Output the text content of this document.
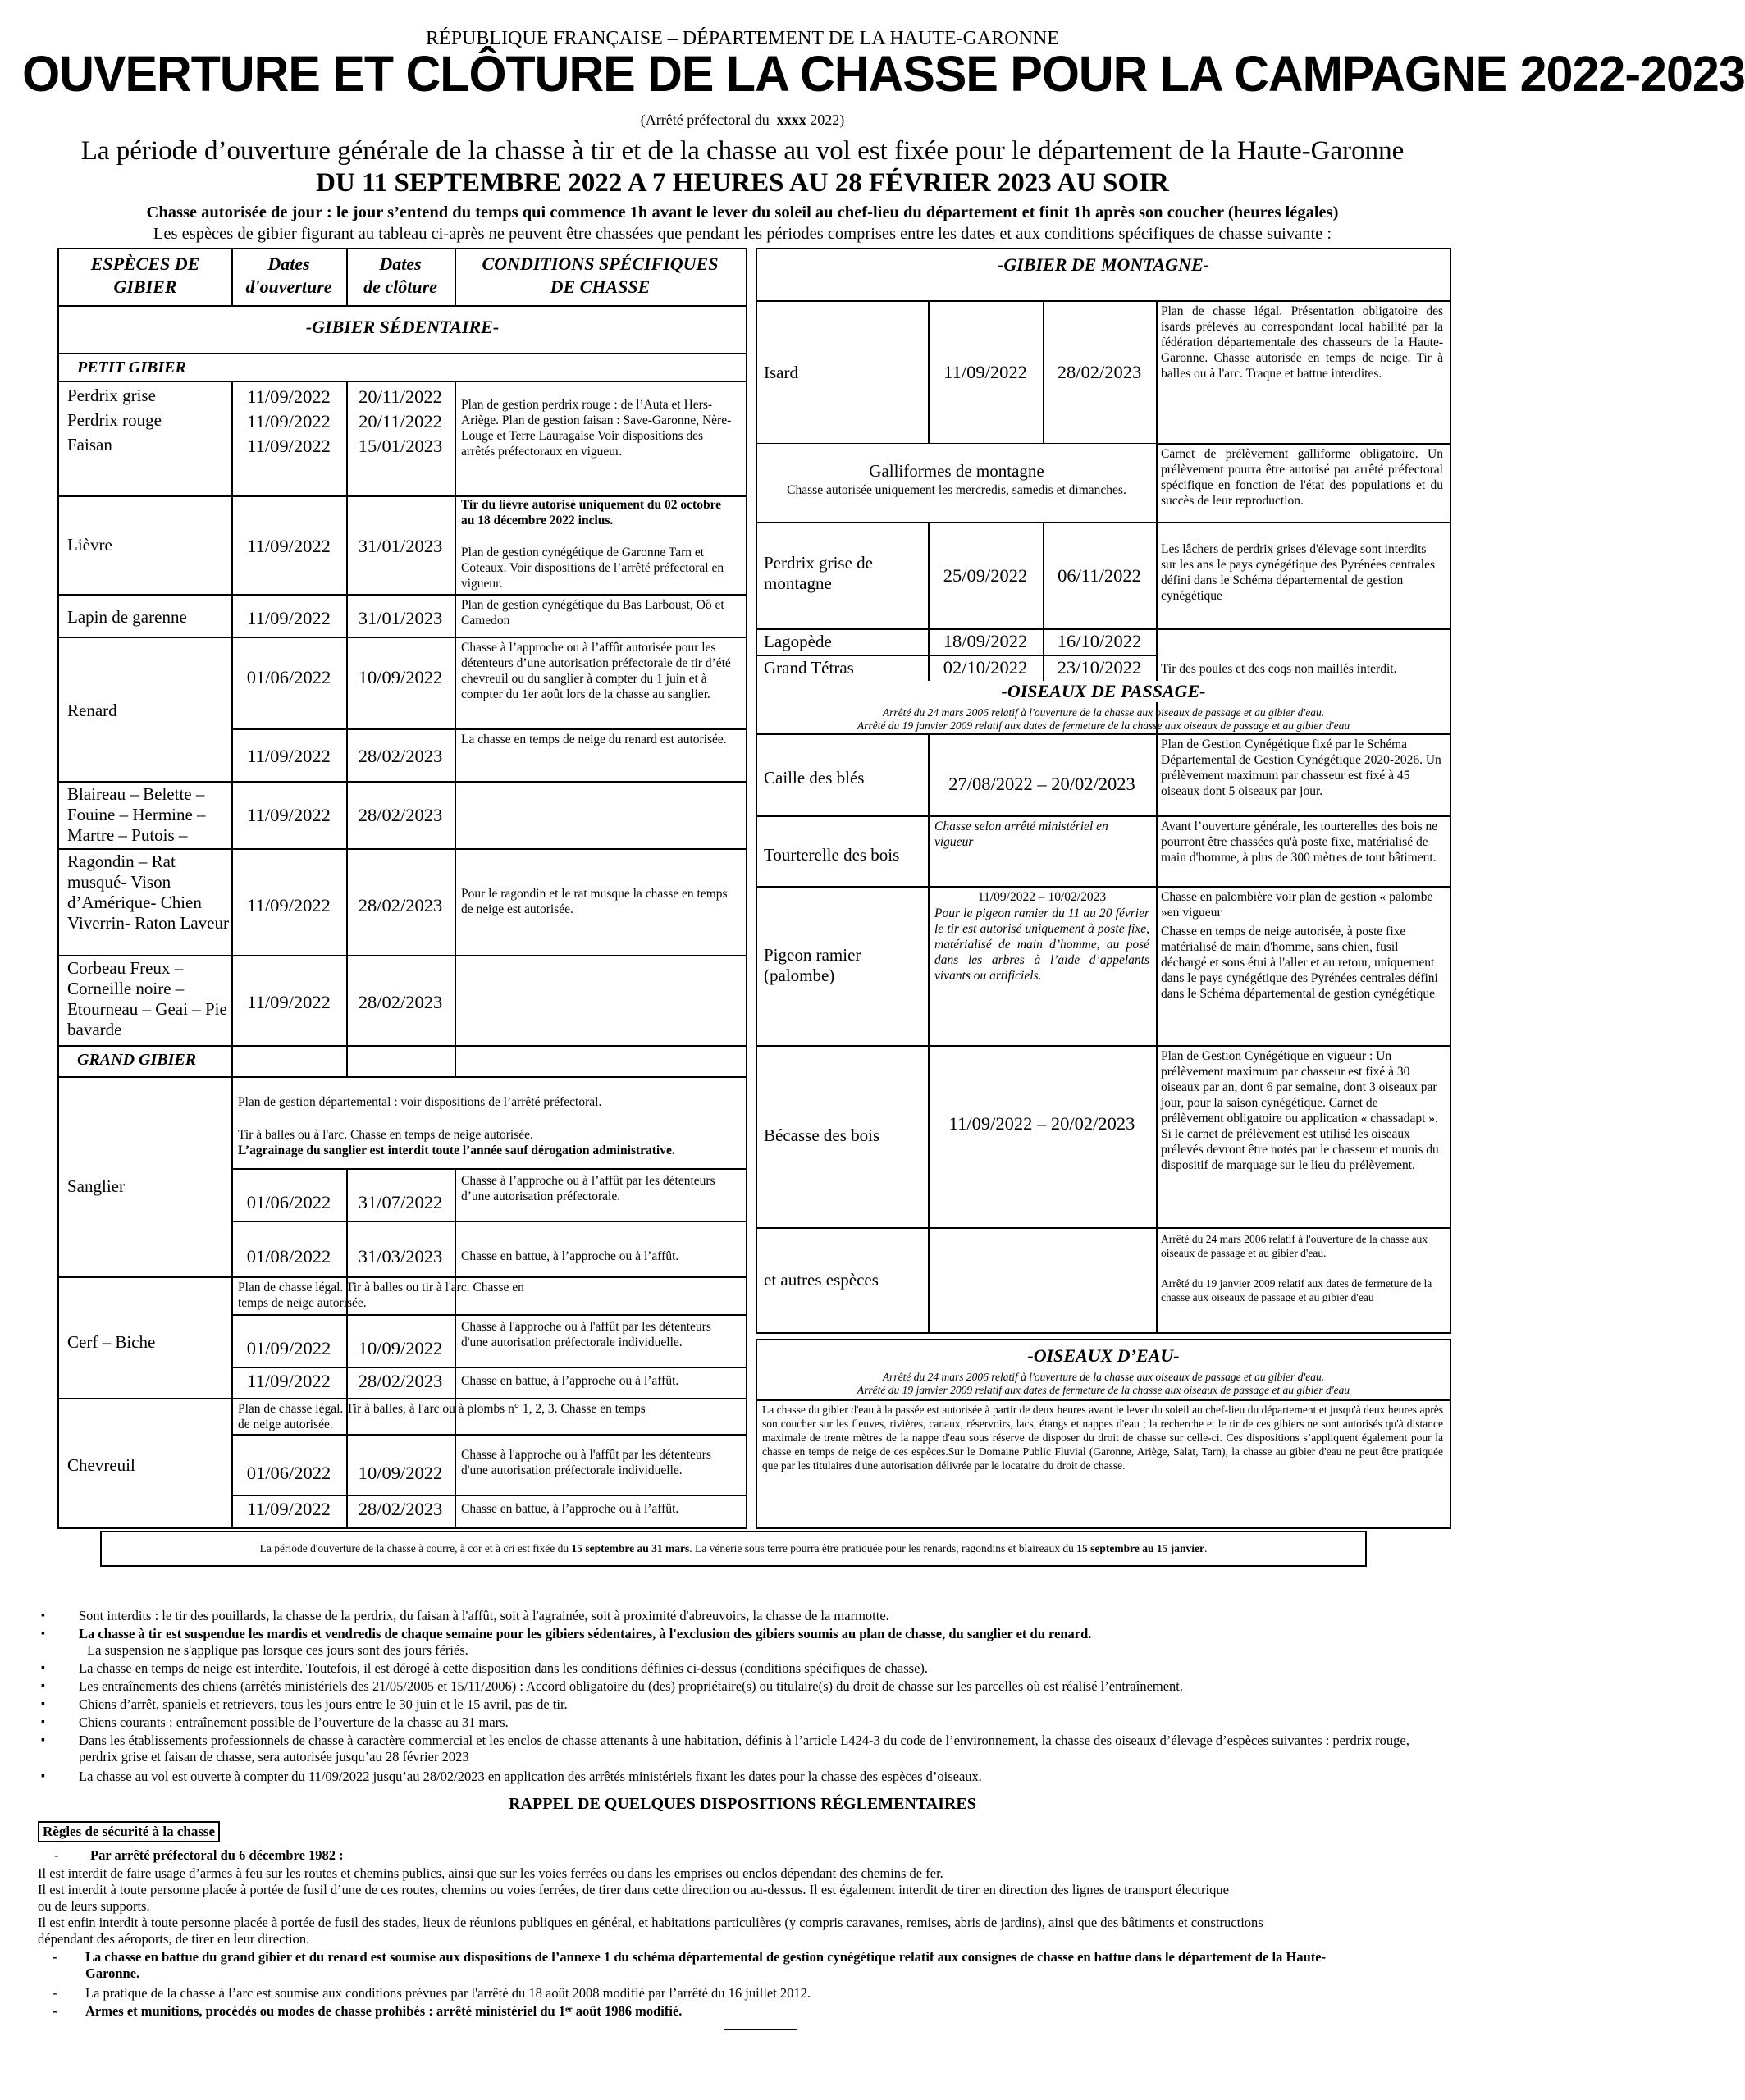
RÉPUBLIQUE FRANÇAISE – DÉPARTEMENT DE LA HAUTE-GARONNE
OUVERTURE ET CLÔTURE DE LA CHASSE POUR LA CAMPAGNE 2022-2023
(Arrêté préfectoral du xxxx 2022)
La période d’ouverture générale de la chasse à tir et de la chasse au vol est fixée pour le département de la Haute-Garonne
DU 11 SEPTEMBRE 2022 A 7 HEURES AU 28 FÉVRIER 2023 AU SOIR
Chasse autorisée de jour : le jour s’entend du temps qui commence 1h avant le lever du soleil au chef-lieu du département et finit 1h après son coucher (heures légales)
Les espèces de gibier figurant au tableau ci-après ne peuvent être chassées que pendant les périodes comprises entre les dates et aux conditions spécifiques de chasse suivante :
ESPÈCES DE
GIBIER
Dates
d'ouverture
Dates
de clôture
CONDITIONS SPÉCIFIQUES
DE CHASSE
-GIBIER SÉDENTAIRE-
PETIT GIBIER
Perdrix grise
Perdrix rouge
Faisan
11/09/2022	20/11/2022
11/09/2022	20/11/2022
11/09/2022	15/01/2023
Plan de gestion perdrix rouge : de l’Auta et Hers-Ariège. Plan de gestion faisan : Save-Garonne, Nère-Louge et Terre Lauragaise Voir dispositions des arrêtés préfectoraux en vigueur.
Lièvre	11/09/2022	31/01/2023
Tir du lièvre autorisé uniquement du 02 octobre au 18 décembre 2022 inclus.
Plan de gestion cynégétique de Garonne Tarn et Coteaux. Voir dispositions de l’arrêté préfectoral en vigueur.
Lapin de garenne	11/09/2022	31/01/2023
Plan de gestion cynégétique du Bas Larboust, Oô et Camedon
Renard
01/06/2022	10/09/2022
Chasse à l’approche ou à l’affût autorisée pour les détenteurs d’une autorisation préfectorale de tir d’été chevreuil ou du sanglier à compter du 1 juin et à compter du 1er août lors de la chasse au sanglier.
11/09/2022	28/02/2023
La chasse en temps de neige du renard est autorisée.
Blaireau – Belette – Fouine – Hermine – Martre – Putois –
11/09/2022	28/02/2023
Ragondin – Rat musqué- Vison d’Amérique- Chien Viverrin- Raton Laveur
11/09/2022	28/02/2023
Pour le ragondin et le rat musque la chasse en temps de neige est autorisée.
Corbeau Freux – Corneille noire – Etourneau – Geai – Pie bavarde
11/09/2022	28/02/2023
GRAND GIBIER
Sanglier
Plan de gestion départemental : voir dispositions de l’arrêté préfectoral.
Tir à balles ou à l'arc. Chasse en temps de neige autorisée.
L’agrainage du sanglier est interdit toute l’année sauf dérogation administrative.
01/06/2022	31/07/2022
Chasse à l’approche ou à l’affût par les détenteurs d’une autorisation préfectorale.
01/08/2022	31/03/2023	Chasse en battue, à l’approche ou à l’affût.
Cerf – Biche
Plan de chasse légal. Tir à balles ou tir à l'arc. Chasse en temps de neige autorisée.
01/09/2022	10/09/2022
Chasse à l'approche ou à l'affût par les détenteurs d'une autorisation préfectorale individuelle.
11/09/2022	28/02/2023	Chasse en battue, à l’approche ou à l’affût.
Chevreuil
Plan de chasse légal. Tir à balles, à l'arc ou à plombs n° 1, 2, 3. Chasse en temps de neige autorisée.
01/06/2022	10/09/2022
Chasse à l'approche ou à l'affût par les détenteurs d'une autorisation préfectorale individuelle.
11/09/2022	28/02/2023	Chasse en battue, à l’approche ou à l’affût.
-GIBIER DE MONTAGNE-
Isard	11/09/2022	28/02/2023
Plan de chasse légal. Présentation obligatoire des isards prélevés au correspondant local habilité par la fédération départementale des chasseurs de la Haute-Garonne. Chasse autorisée en temps de neige. Tir à balles ou à l'arc. Traque et battue interdites.
Galliformes de montagne
Chasse autorisée uniquement les mercredis, samedis et dimanches.
Carnet de prélèvement galliforme obligatoire. Un prélèvement pourra être autorisé par arrêté préfectoral spécifique en fonction de l'état des populations et du succès de leur reproduction.
Perdrix grise de montagne	25/09/2022	06/11/2022
Les lâchers de perdrix grises d'élevage sont interdits sur les ans le pays cynégétique des Pyrénées centrales défini dans le Schéma départemental de gestion cynégétique
Lagopède	18/09/2022	16/10/2022
Grand Tétras	02/10/2022	23/10/2022	Tir des poules et des coqs non maillés interdit.
-OISEAUX DE PASSAGE-
Arrêté du 24 mars 2006 relatif à l'ouverture de la chasse aux oiseaux de passage et au gibier d'eau.
Arrêté du 19 janvier 2009 relatif aux dates de fermeture de la chasse aux oiseaux de passage et au gibier d'eau
Caille des blés	27/08/2022 – 20/02/2023
Plan de Gestion Cynégétique fixé par le Schéma Départemental de Gestion Cynégétique 2020-2026. Un prélèvement maximum par chasseur est fixé à 45 oiseaux dont 5 oiseaux par jour.
Tourterelle des bois
Chasse selon arrêté ministériel en vigueur
Avant l’ouverture générale, les tourterelles des bois ne pourront être chassées qu'à poste fixe, matérialisé de main d'homme, à plus de 300 mètres de tout bâtiment.
Pigeon ramier (palombe)
11/09/2022 – 10/02/2023
Pour le pigeon ramier du 11 au 20 février le tir est autorisé uniquement à poste fixe, matérialisé de main d’homme, au posé dans les arbres à l’aide d’appelants vivants ou artificiels.
Chasse en palombière voir plan de gestion « palombe »en vigueur
Chasse en temps de neige autorisée, à poste fixe matérialisé de main d'homme, sans chien, fusil déchargé et sous étui à l'aller et au retour, uniquement dans le pays cynégétique des Pyrénées centrales défini dans le Schéma départemental de gestion cynégétique
Bécasse des bois
11/09/2022 – 20/02/2023
Plan de Gestion Cynégétique en vigueur : Un prélèvement maximum par chasseur est fixé à 30 oiseaux par an, dont 6 par semaine, dont 3 oiseaux par jour, pour la saison cynégétique. Carnet de prélèvement obligatoire ou application « chassadapt ». Si le carnet de prélèvement est utilisé les oiseaux prélevés devront être notés par le chasseur et munis du dispositif de marquage sur le lieu du prélèvement.
et autres espèces
Arrêté du 24 mars 2006 relatif à l'ouverture de la chasse aux oiseaux de passage et au gibier d'eau.
Arrêté du 19 janvier 2009 relatif aux dates de fermeture de la chasse aux oiseaux de passage et au gibier d'eau
-OISEAUX D’EAU-
Arrêté du 24 mars 2006 relatif à l'ouverture de la chasse aux oiseaux de passage et au gibier d'eau.
Arrêté du 19 janvier 2009 relatif aux dates de fermeture de la chasse aux oiseaux de passage et au gibier d'eau
La chasse du gibier d'eau à la passée est autorisée à partir de deux heures avant le lever du soleil au chef-lieu du département et jusqu'à deux heures après son coucher sur les fleuves, rivières, canaux, réservoirs, lacs, étangs et nappes d'eau ; la recherche et le tir de ces gibiers ne sont autorisés qu'à distance maximale de trente mètres de la nappe d'eau sous réserve de disposer du droit de chasse sur celle-ci. Ces dispositions s’appliquent également pour la chasse en temps de neige de ces espèces.Sur le Domaine Public Fluvial (Garonne, Ariège, Salat, Tarn), la chasse au gibier d'eau ne peut être pratiquée que par les titulaires d'une autorisation délivrée par le locataire du droit de chasse.
La période d'ouverture de la chasse à courre, à cor et à cri est fixée du 15 septembre au 31 mars. La vénerie sous terre pourra être pratiquée pour les renards, ragondins et blaireaux du 15 septembre au 15 janvier.
▪ Sont interdits : le tir des pouillards, la chasse de la perdrix, du faisan à l'affût, soit à l'agrainée, soit à proximité d'abreuvoirs, la chasse de la marmotte.
▪ La chasse à tir est suspendue les mardis et vendredis de chaque semaine pour les gibiers sédentaires, à l'exclusion des gibiers soumis au plan de chasse, du sanglier et du renard.
La suspension ne s'applique pas lorsque ces jours sont des jours fériés.
▪ La chasse en temps de neige est interdite. Toutefois, il est dérogé à cette disposition dans les conditions définies ci-dessus (conditions spécifiques de chasse).
▪ Les entraînements des chiens (arrêtés ministériels des 21/05/2005 et 15/11/2006) : Accord obligatoire du (des) propriétaire(s) ou titulaire(s) du droit de chasse sur les parcelles où est réalisé l’entraînement.
▪ Chiens d’arrêt, spaniels et retrievers, tous les jours entre le 30 juin et le 15 avril, pas de tir.
▪ Chiens courants : entraînement possible de l’ouverture de la chasse au 31 mars.
▪ Dans les établissements professionnels de chasse à caractère commercial et les enclos de chasse attenants à une habitation, définis à l’article L424-3 du code de l’environnement, la chasse des oiseaux d’élevage d’espèces suivantes : perdrix rouge, perdrix grise et faisan de chasse, sera autorisée jusqu’au 28 février 2023
▪ La chasse au vol est ouverte à compter du 11/09/2022 jusqu’au 28/02/2023 en application des arrêtés ministériels fixant les dates pour la chasse des espèces d’oiseaux.
RAPPEL DE QUELQUES DISPOSITIONS RÉGLEMENTAIRES
Règles de sécurité à la chasse
- Par arrêté préfectoral du 6 décembre 1982 :
Il est interdit de faire usage d’armes à feu sur les routes et chemins publics, ainsi que sur les voies ferrées ou dans les emprises ou enclos dépendant des chemins de fer.
Il est interdit à toute personne placée à portée de fusil d’une de ces routes, chemins ou voies ferrées, de tirer dans cette direction ou au-dessus. Il est également interdit de tirer en direction des lignes de transport électrique
ou de leurs supports.
Il est enfin interdit à toute personne placée à portée de fusil des stades, lieux de réunions publiques en général, et habitations particulières (y compris caravanes, remises, abris de jardins), ainsi que des bâtiments et constructions
dépendant des aéroports, de tirer en leur direction.
- La chasse en battue du grand gibier et du renard est soumise aux dispositions de l’annexe 1 du schéma départemental de gestion cynégétique relatif aux consignes de chasse en battue dans le département de la Haute-
Garonne.
- La pratique de la chasse à l’arc est soumise aux conditions prévues par l'arrêté du 18 août 2008 modifié par l’arrêté du 16 juillet 2012.
- Armes et munitions, procédés ou modes de chasse prohibés : arrêté ministériel du 1ᵉʳ août 1986 modifié.
